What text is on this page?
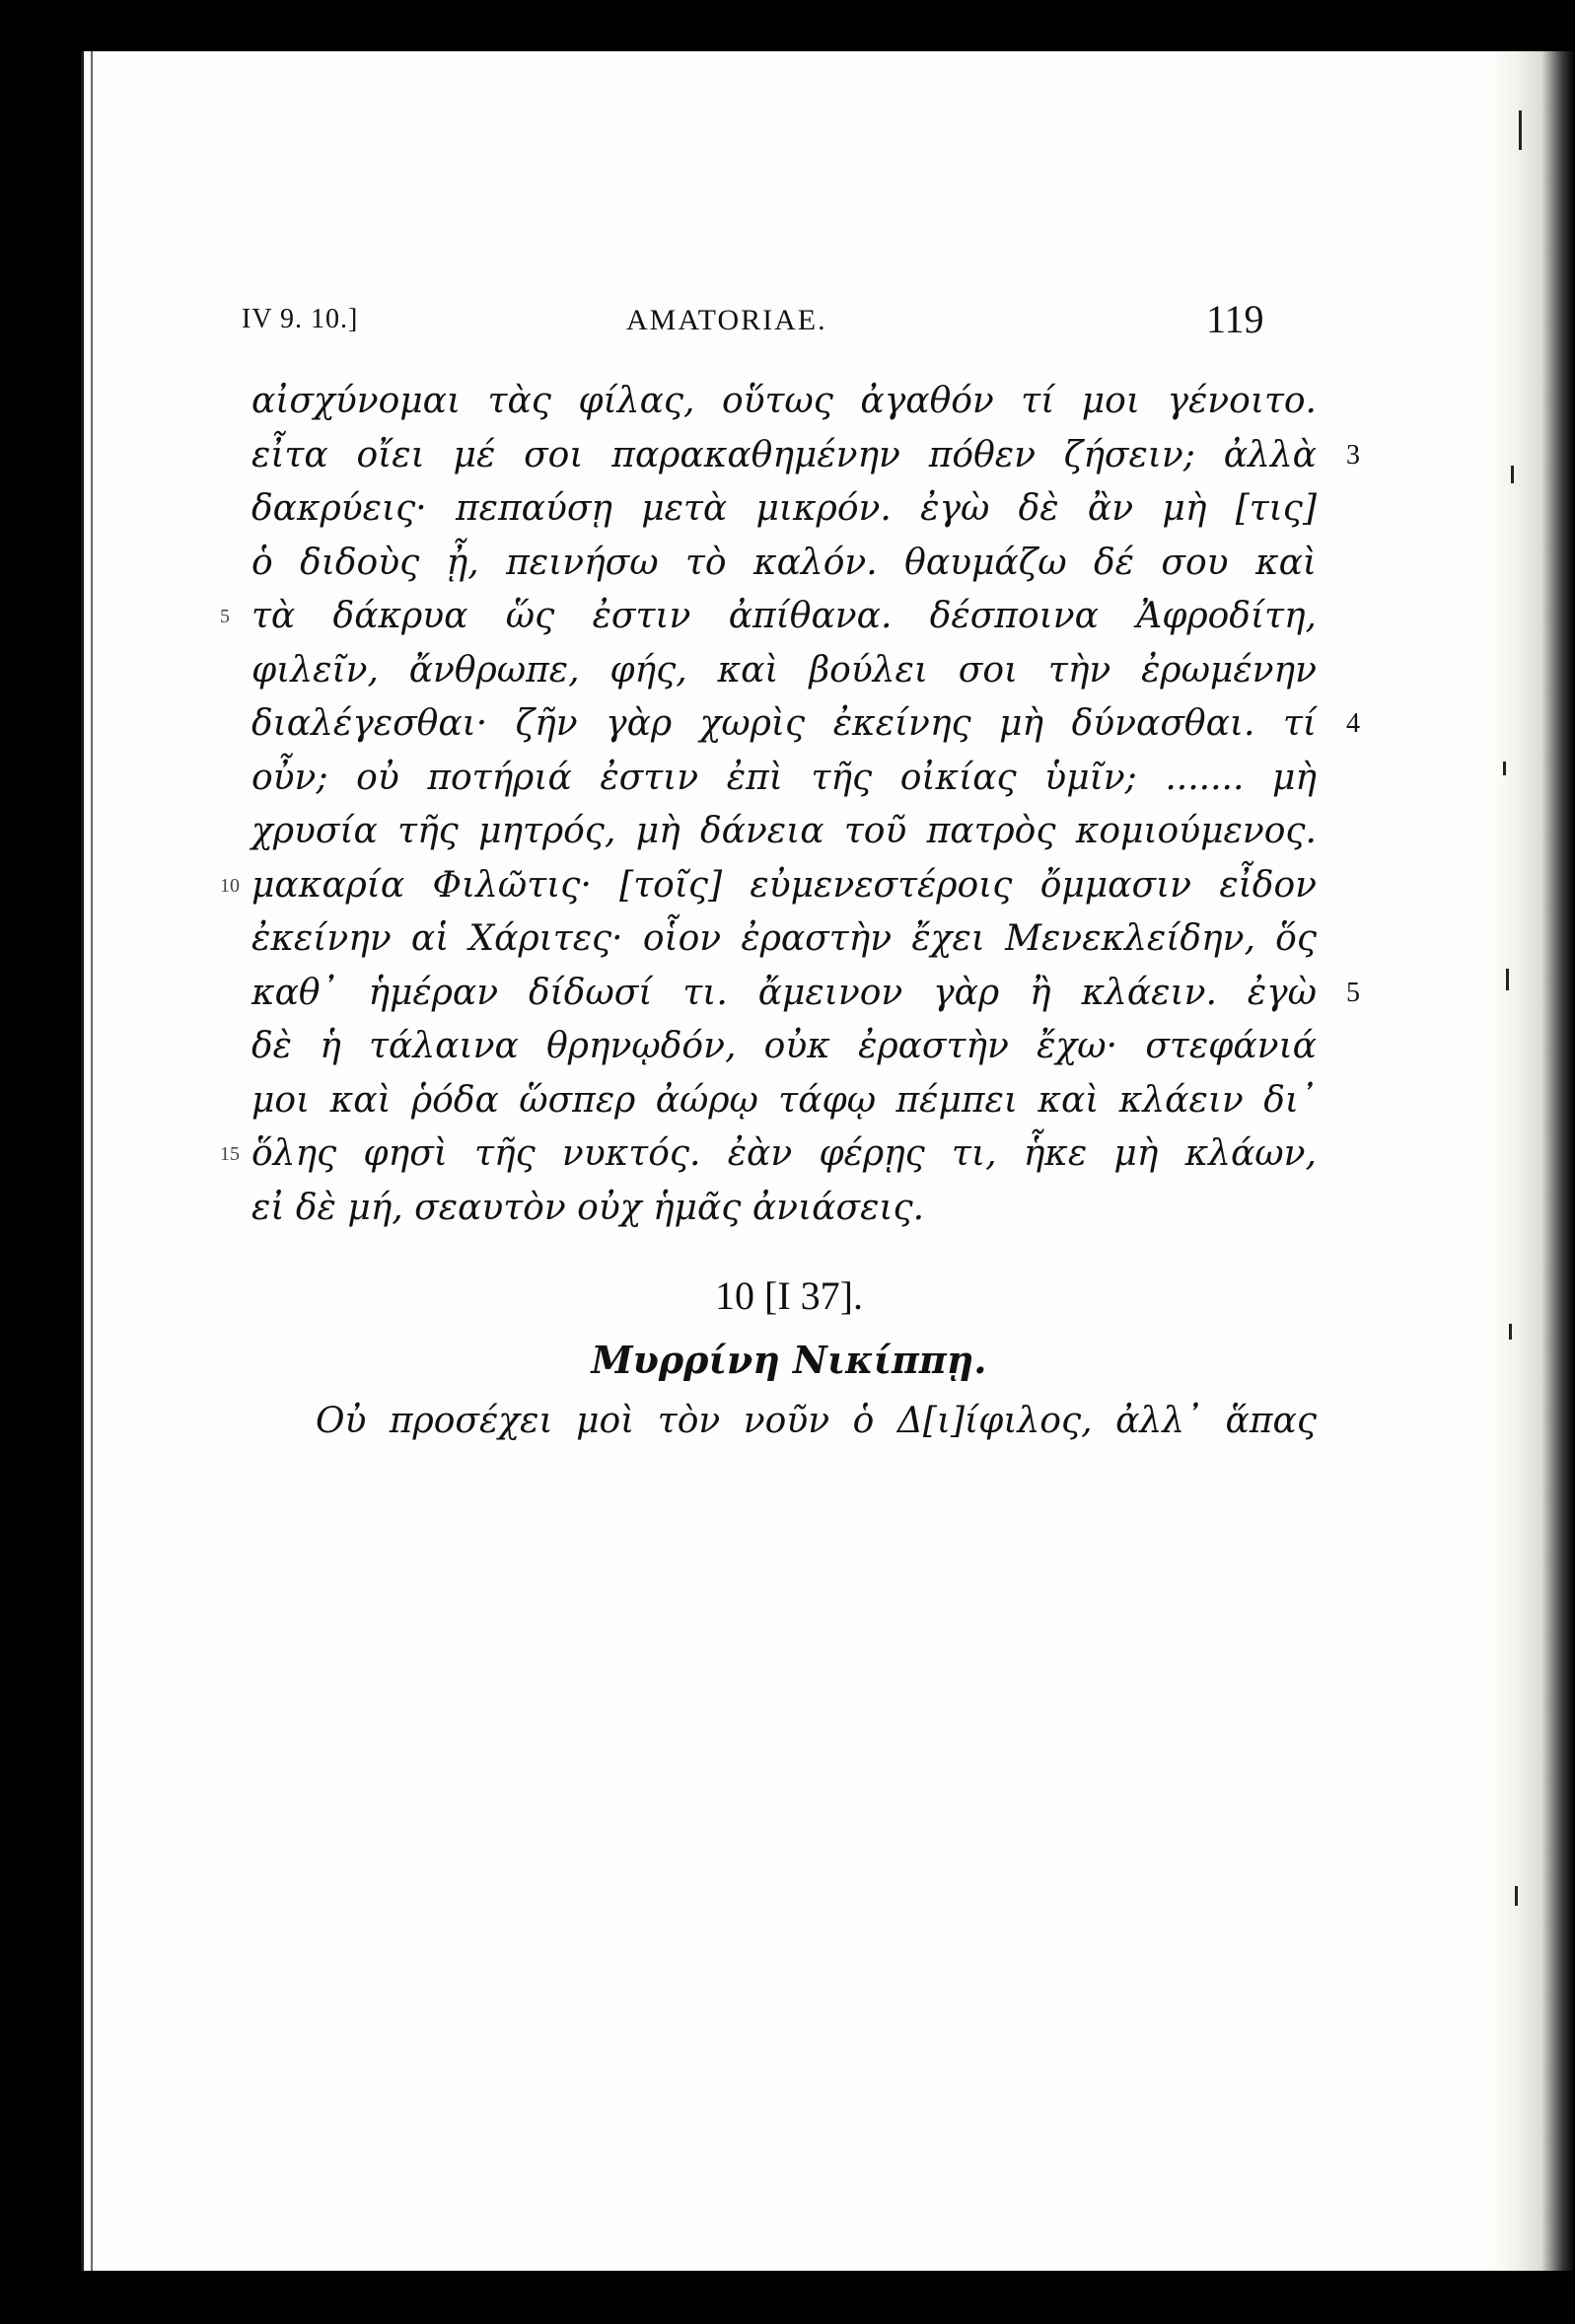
IV 9. 10.]	AMATORIAE.	119
αἰσχύνομαι τὰς φίλας, οὕτως ἀγαθόν τί μοι γένοιτο.
εἶτα οἴει μέ σοι παρακαθημένην πόθεν ζήσειν; ἀλλὰ 3
δακρύεις· πεπαύσῃ μετὰ μικρόν. ἐγὼ δὲ ἂν μὴ [τις]
ὁ διδοὺς ᾖ, πεινήσω τὸ καλόν. θαυμάζω δέ σου καὶ
5 τὰ δάκρυα ὥς ἐστιν ἀπίθανα. δέσποινα Ἀφροδίτη,
φιλεῖν, ἄνθρωπε, φής, καὶ βούλει σοι τὴν ἐρωμένην
διαλέγεσθαι· ζῆν γὰρ χωρὶς ἐκείνης μὴ δύνασθαι. τί 4
οὖν; οὐ ποτήριά ἐστιν ἐπὶ τῆς οἰκίας ὑμῖν; ....... μὴ
χρυσία τῆς μητρός, μὴ δάνεια τοῦ πατρὸς κομιούμενος.
10 μακαρία Φιλῶτις· [τοῖς] εὐμενεστέροις ὄμμασιν εἶδον
ἐκείνην αἱ Χάριτες· οἷον ἐραστὴν ἔχει Μενεκλείδην, ὅς
καθ᾽ ἡμέραν δίδωσί τι. ἄμεινον γὰρ ἢ κλάειν. ἐγὼ 5
δὲ ἡ τάλαινα θρηνῳδόν, οὐκ ἐραστὴν ἔχω· στεφάνιά
μοι καὶ ῥόδα ὥσπερ ἀώρῳ τάφῳ πέμπει καὶ κλάειν δι᾽
15 ὅλης φησὶ τῆς νυκτός. ἐὰν φέρῃς τι, ἧκε μὴ κλάων,
εἰ δὲ μή, σεαυτὸν οὐχ ἡμᾶς ἀνιάσεις.
10 [I 37].
Μυρρίνη Νικίππῃ.
Οὐ προσέχει μοὶ τὸν νοῦν ὁ Δ[ι]ίφιλος, ἀλλ᾽ ἅπας
